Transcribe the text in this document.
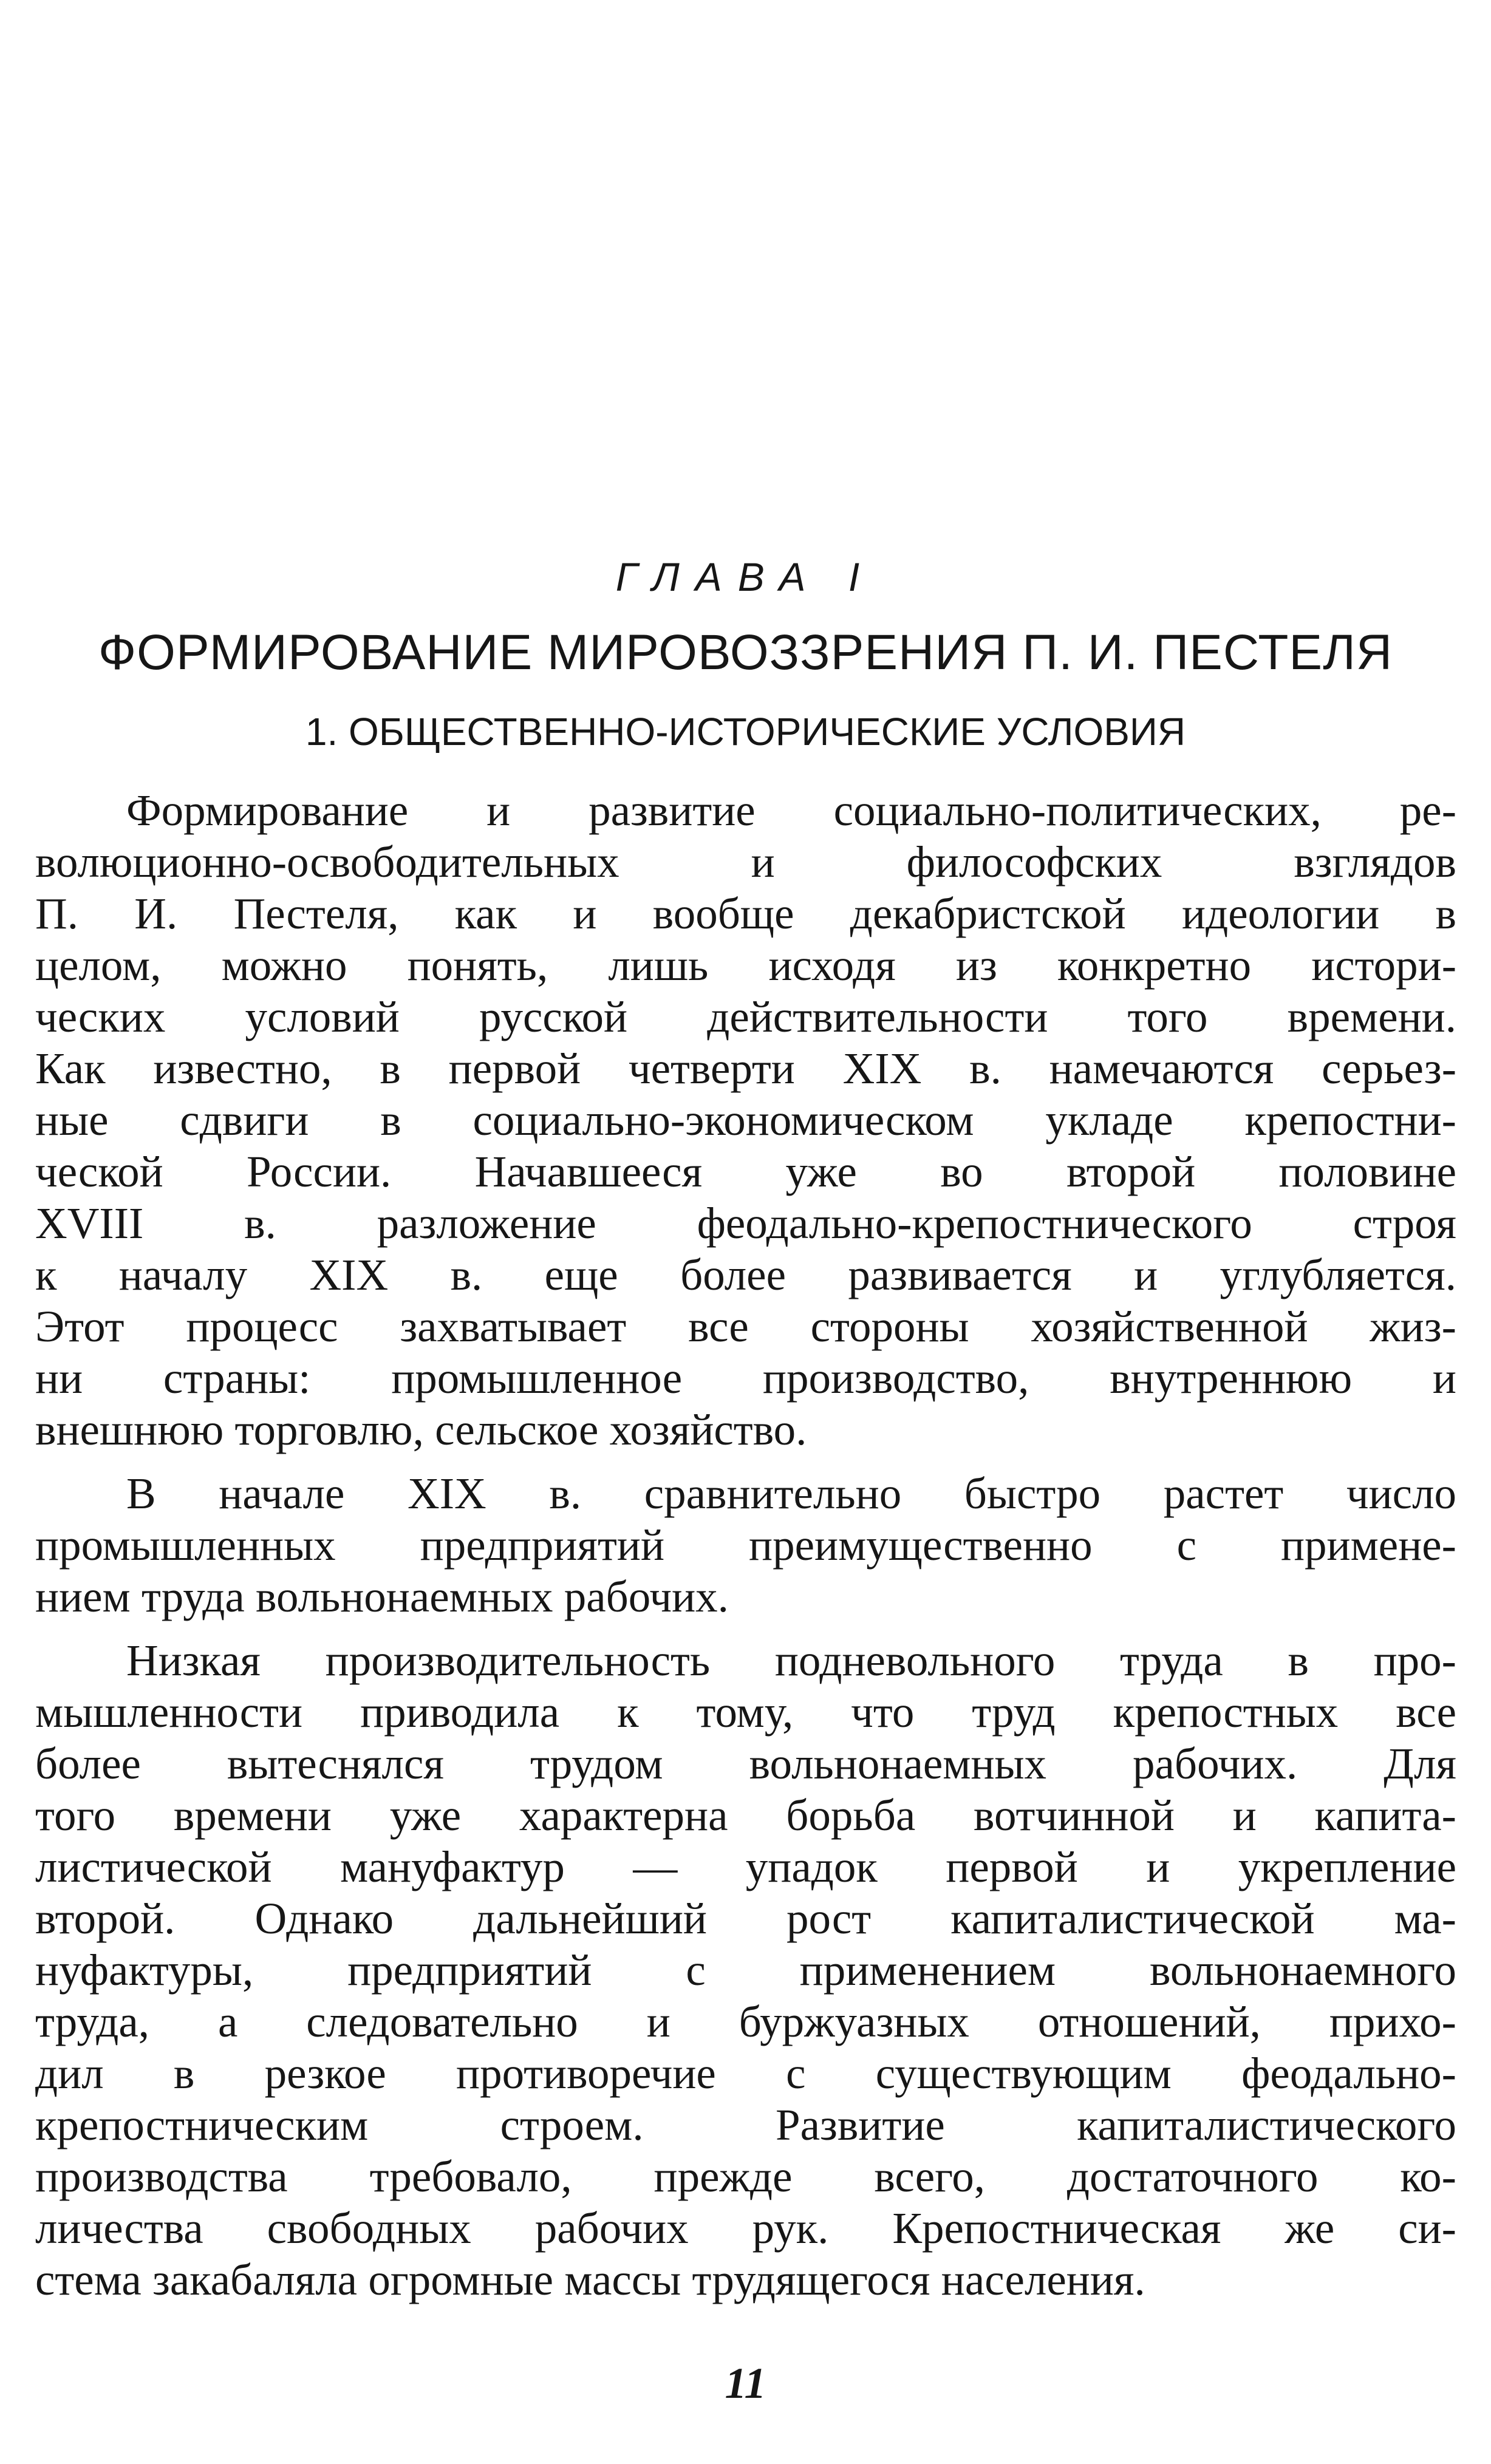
ГЛАВА I
ФОРМИРОВАНИЕ МИРОВОЗЗРЕНИЯ П. И. ПЕСТЕЛЯ
1. ОБЩЕСТВЕННО-ИСТОРИЧЕСКИЕ УСЛОВИЯ

Формирование и развитие социально-политических, ре-
волюционно-освободительных и философских взглядов
П. И. Пестеля, как и вообще декабристской идеологии в
целом, можно понять, лишь исходя из конкретно истори-
ческих условий русской действительности того времени.
Как известно, в первой четверти XIX в. намечаются серьез-
ные сдвиги в социально-экономическом укладе крепостни-
ческой России. Начавшееся уже во второй половине
XVIII в. разложение феодально-крепостнического строя
к началу XIX в. еще более развивается и углубляется.
Этот процесс захватывает все стороны хозяйственной жиз-
ни страны: промышленное производство, внутреннюю и
внешнюю торговлю, сельское хозяйство.

В начале XIX в. сравнительно быстро растет число
промышленных предприятий преимущественно с примене-
нием труда вольнонаемных рабочих.

Низкая производительность подневольного труда в про-
мышленности приводила к тому, что труд крепостных все
более вытеснялся трудом вольнонаемных рабочих. Для
того времени уже характерна борьба вотчинной и капита-
листической мануфактур — упадок первой и укрепление
второй. Однако дальнейший рост капиталистической ма-
нуфактуры, предприятий с применением вольнонаемного
труда, а следовательно и буржуазных отношений, прихо-
дил в резкое противоречие с существующим феодально-
крепостническим строем. Развитие капиталистического
производства требовало, прежде всего, достаточного ко-
личества свободных рабочих рук. Крепостническая же си-
стема закабаляла огромные массы трудящегося населения.

11
